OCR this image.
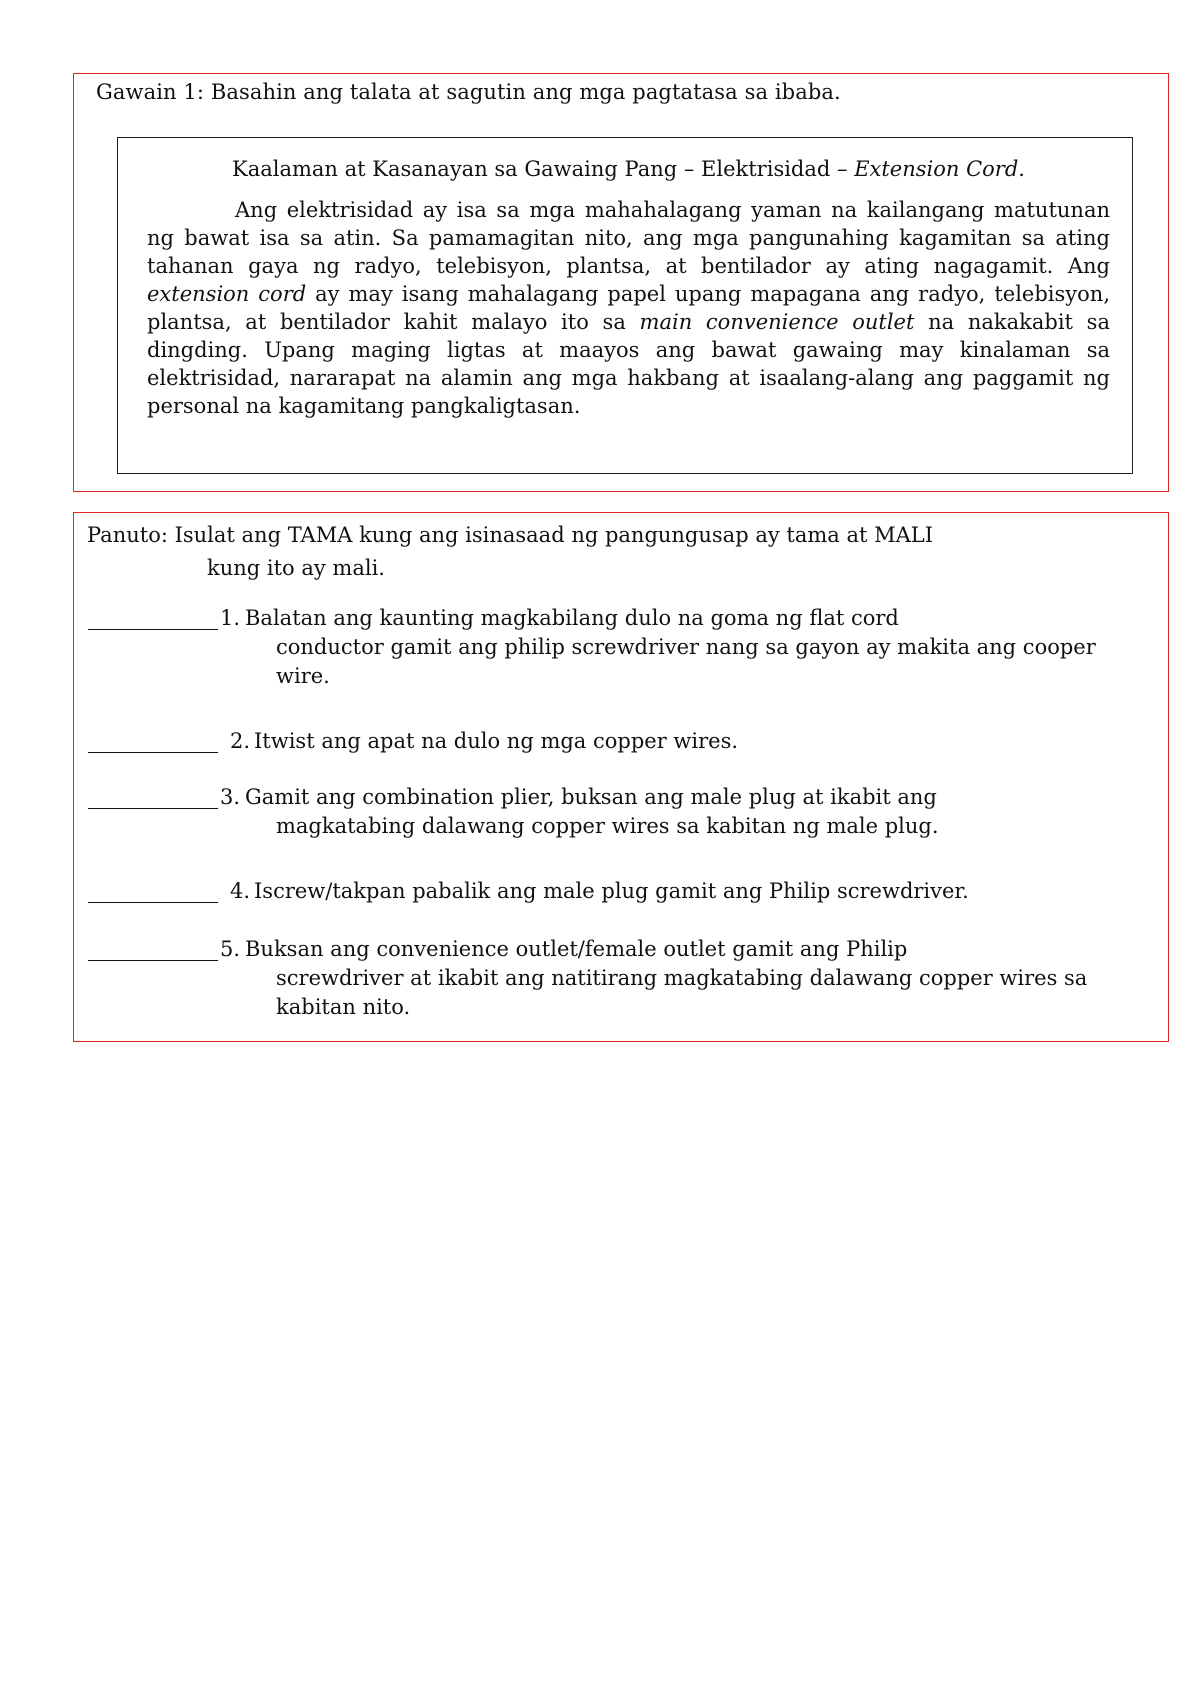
Gawain 1: Basahin ang talata at sagutin ang mga pagtatasa sa ibaba.
Kaalaman at Kasanayan sa Gawaing Pang – Elektrisidad – Extension Cord.

Ang elektrisidad ay isa sa mga mahahalagang yaman na kailangang matutunan ng bawat isa sa atin. Sa pamamagitan nito, ang mga pangunahing kagamitan sa ating tahanan gaya ng radyo, telebisyon, plantsa, at bentilador ay ating nagagamit. Ang extension cord ay may isang mahalagang papel upang mapagana ang radyo, telebisyon, plantsa, at bentilador kahit malayo ito sa main convenience outlet na nakakabit sa dingding. Upang maging ligtas at maayos ang bawat gawaing may kinalaman sa elektrisidad, nararapat na alamin ang mga hakbang at isaalang-alang ang paggamit ng personal na kagamitang pangkaligtasan.

Panuto: Isulat ang TAMA kung ang isinasaad ng pangungusap ay tama at MALI
kung ito ay mali.
1. Balatan ang kaunting magkabilang dulo na goma ng flat cord
conductor gamit ang philip screwdriver nang sa gayon ay makita ang cooper wire.
2. Itwist ang apat na dulo ng mga copper wires.
3. Gamit ang combination plier, buksan ang male plug at ikabit ang
magkatabing dalawang copper wires sa kabitan ng male plug.
4. Iscrew/takpan pabalik ang male plug gamit ang Philip screwdriver.
5. Buksan ang convenience outlet/female outlet gamit ang Philip
screwdriver at ikabit ang natitirang magkatabing dalawang copper wires sa kabitan nito.
